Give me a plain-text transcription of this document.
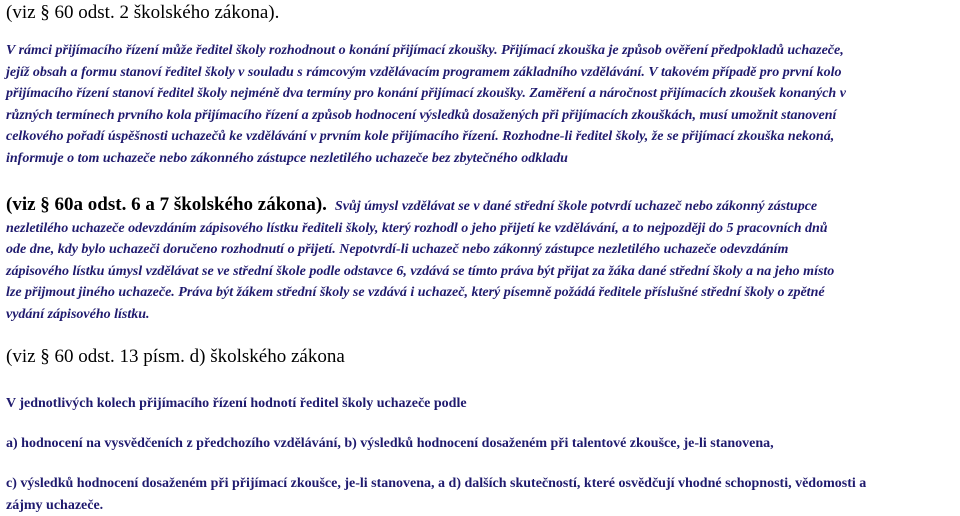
(viz § 60 odst. 2 školského zákona).
V rámci přijímacího řízení může ředitel školy rozhodnout o konání přijímací zkoušky. Přijímací zkouška je způsob ověření předpokladů uchazeče,
jejíž obsah a formu stanoví ředitel školy v souladu s rámcovým vzdělávacím programem základního vzdělávání. V takovém případě pro první kolo
přijímacího řízení stanoví ředitel školy nejméně dva termíny pro konání přijímací zkoušky. Zaměření a náročnost přijímacích zkoušek konaných v
různých termínech prvního kola přijímacího řízení a způsob hodnocení výsledků dosažených při přijímacích zkouškách, musí umožnit stanovení
celkového pořadí úspěšnosti uchazečů ke vzdělávání v prvním kole přijímacího řízení. Rozhodne-li ředitel školy, že se přijímací zkouška nekoná,
informuje o tom uchazeče nebo zákonného zástupce nezletilého uchazeče bez zbytečného odkladu
(viz § 60a odst. 6 a 7 školského zákona). Svůj úmysl vzdělávat se v dané střední škole potvrdí uchazeč nebo zákonný zástupce
nezletilého uchazeče odevzdáním zápisového lístku řediteli školy, který rozhodl o jeho přijetí ke vzdělávání, a to nejpozději do 5 pracovních dnů
ode dne, kdy bylo uchazeči doručeno rozhodnutí o přijetí. Nepotvrdí-li uchazeč nebo zákonný zástupce nezletilého uchazeče odevzdáním
zápisového lístku úmysl vzdělávat se ve střední škole podle odstavce 6, vzdává se tímto práva být přijat za žáka dané střední školy a na jeho místo
lze přijmout jiného uchazeče. Práva být žákem střední školy se vzdává i uchazeč, který písemně požádá ředitele příslušné střední školy o zpětné
vydání zápisového lístku.
(viz § 60 odst. 13 písm. d) školského zákona
V jednotlivých kolech přijímacího řízení hodnotí ředitel školy uchazeče podle
a) hodnocení na vysvědčeních z předchozího vzdělávání, b) výsledků hodnocení dosaženém při talentové zkoušce, je-li stanovena,
c) výsledků hodnocení dosaženém při přijímací zkoušce, je-li stanovena, a d) dalších skutečností, které osvědčují vhodné schopnosti, vědomosti a
zájmy uchazeče.
